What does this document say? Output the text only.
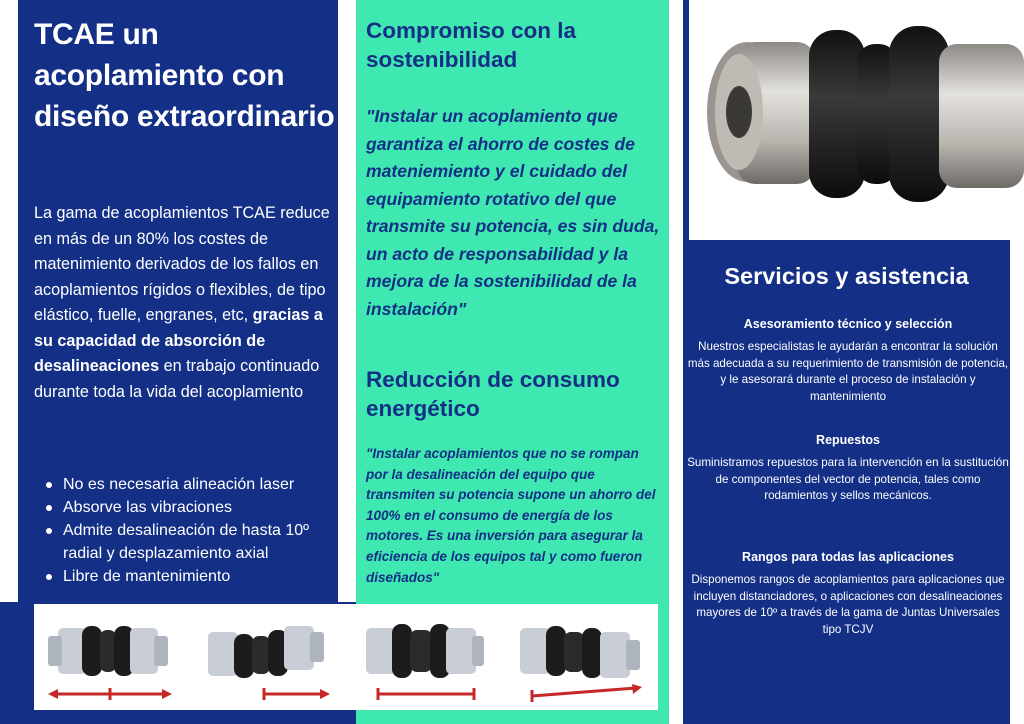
TCAE un acoplamiento con diseño extraordinario

La gama de acoplamientos TCAE reduce en más de un 80% los costes de matenimiento derivados de los fallos en acoplamientos rígidos o flexibles, de tipo elástico, fuelle, engranes, etc, gracias a su capacidad de absorción de desalineaciones en trabajo continuado durante toda la vida del acoplamiento

No es necesaria alineación laser
Absorve las vibraciones
Admite desalineación de hasta 10º radial y desplazamiento axial
Libre de mantenimiento
Compromiso con la sostenibilidad

"Instalar un acoplamiento que garantiza el ahorro de costes de mateniemiento y el cuidado del equipamiento rotativo del que transmite su potencia, es sin duda, un acto de responsabilidad y la mejora de la sostenibilidad de la instalación"

Reducción de consumo energético

"Instalar acoplamientos que no se rompan por la desalineación del equipo que transmiten su potencia supone un ahorro del 100% en el consumo de energía de los motores. Es una inversión para asegurar la eficiencia de los equipos tal y como fueron diseñados"

Servicios y asistencia
Asesoramiento técnico y selección
Nuestros especialistas le ayudarán a encontrar la solución más adecuada a su requerimiento de transmisión de potencia, y le asesorará durante el proceso de instalación y mantenimiento
Repuestos
Suministramos repuestos para la intervención en la sustitución de componentes del vector de potencia, tales como rodamientos y sellos mecánicos.
Rangos para todas las aplicaciones
Disponemos rangos de acoplamientos para aplicaciones que incluyen distanciadores, o aplicaciones con desalineaciones mayores de 10º a través de la gama de Juntas Universales tipo TCJV
